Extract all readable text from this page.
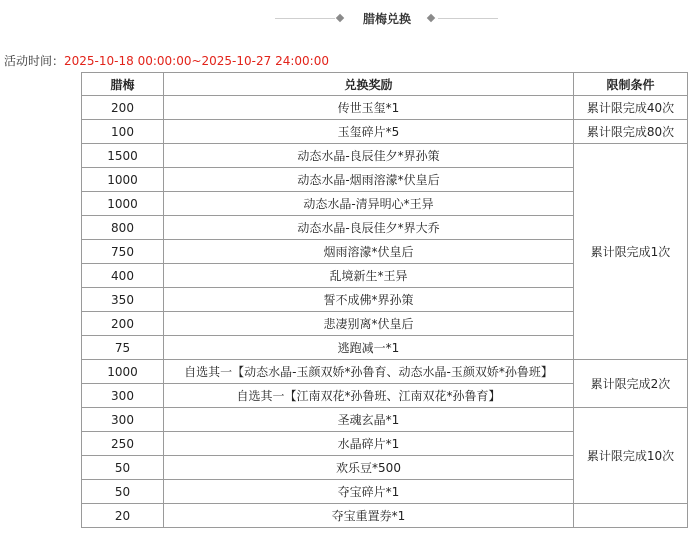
腊梅兑换
活动时间：2025-10-18 00:00:00~2025-10-27 24:00:00
腊梅	兑换奖励	限制条件
200	传世玉玺*1	累计限完成40次
100	玉玺碎片*5	累计限完成80次
1500	动态水晶-良辰佳夕*界孙策	累计限完成1次
1000	动态水晶-烟雨溶濛*伏皇后	
1000	动态水晶-清异明心*王异	
800	动态水晶-良辰佳夕*界大乔	
750	烟雨溶濛*伏皇后	
400	乱境新生*王异	
350	誓不成佛*界孙策	
200	悲凄别离*伏皇后	
75	逃跑减一*1	
1000	自选其一【动态水晶-玉颜双娇*孙鲁育、动态水晶-玉颜双娇*孙鲁班】	累计限完成2次
300	自选其一【江南双花*孙鲁班、江南双花*孙鲁育】	
300	圣魂玄晶*1	累计限完成10次
250	水晶碎片*1	
50	欢乐豆*500	
50	夺宝碎片*1	
20	夺宝重置券*1	
